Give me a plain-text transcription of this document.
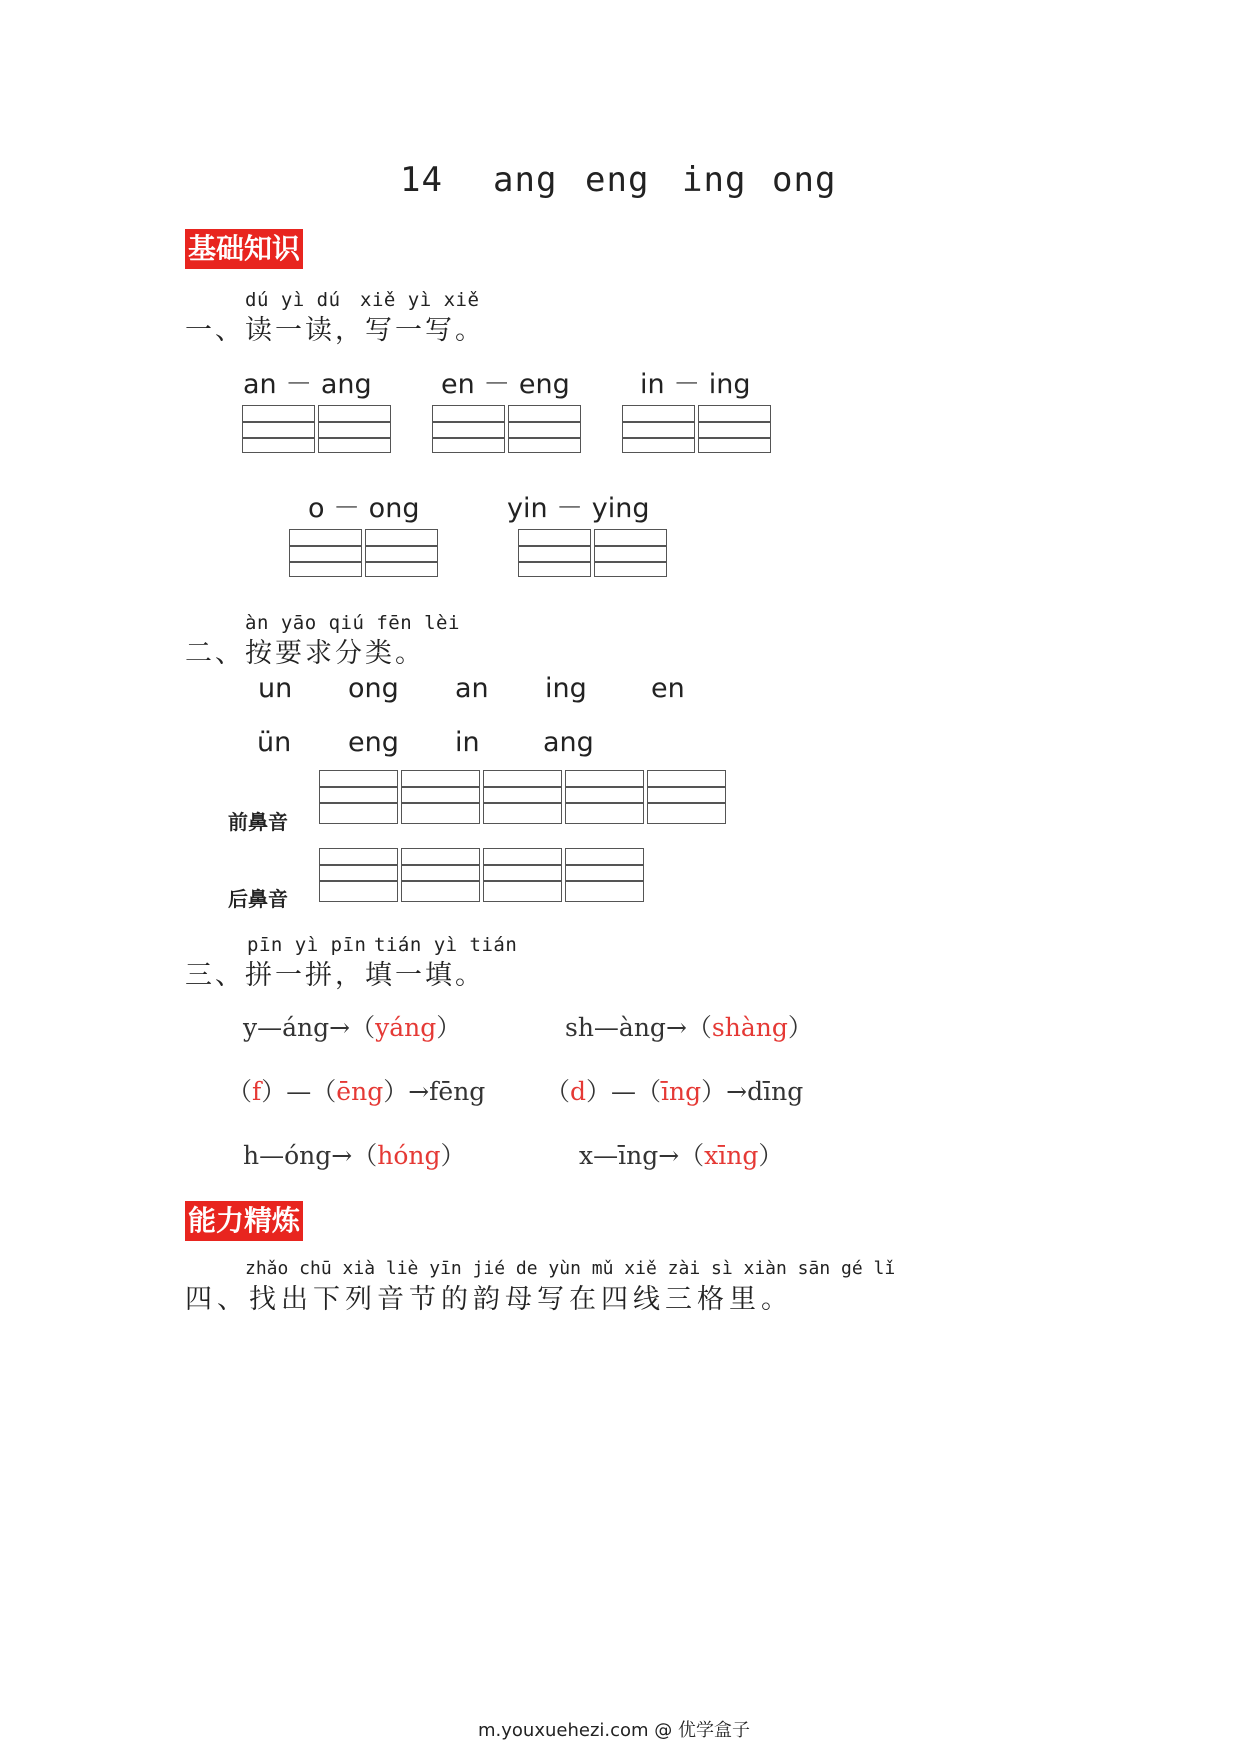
14 ang eng ing ong
基础知识
dú yì dú xiě yì xiě
一、读一读，写一写。
an － ang	en － eng	in － ing
o － ong	yin － ying
àn yāo qiú fēn lèi
二、按要求分类。
un ong an ing en
ün eng in ang
前鼻音
后鼻音
pīn yì pīn tián yì tián
三、拼一拼，填一填。
y—áng→（yáng）	sh—àng→（shàng）
（f）—（ēng）→fēng （d）—（īng）→dīng
h—óng→（hóng）	x—īng→（xīng）
能力精炼
zhǎo chū xià liè yīn jié de yùn mǔ xiě zài sì xiàn sān gé lǐ
四、找出下列音节的韵母写在四线三格里。
m.youxuehezi.com @ 优学盒子
